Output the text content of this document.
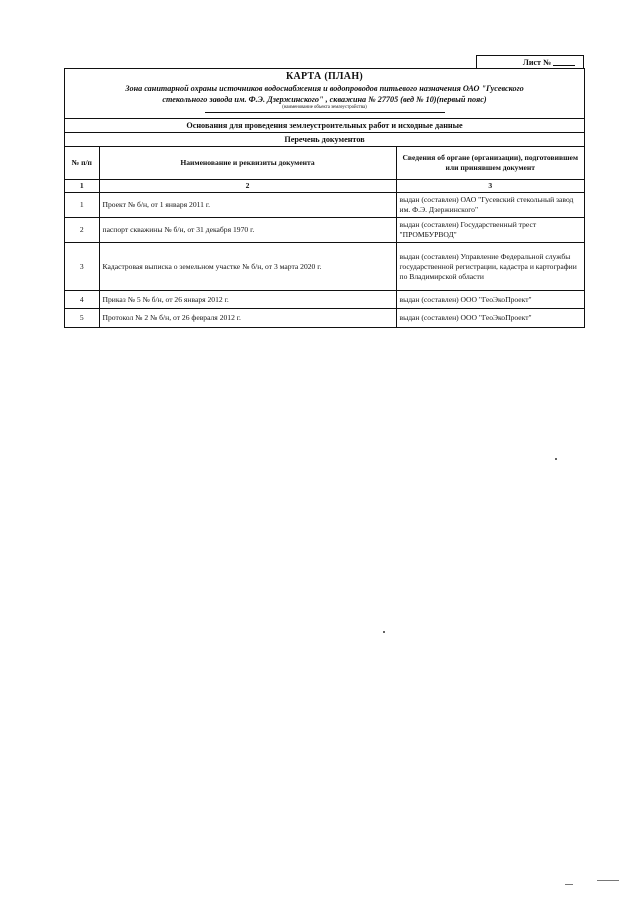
Лист №
КАРТА (ПЛАН)
Зона санитарной охраны источников водоснабжения и водопроводов питьевого назначения ОАО "Гусевского
стекольного завода им. Ф.Э. Дзержинского" , скважина № 27705 (вед № 10)(первый пояс)
(наименование объекта землеустройства)
Основания для проведения землеустроительных работ и исходные данные
Перечень документов
№ п/п	Наименование и реквизиты документа	Сведения об органе (организации), подготовившем или принявшем документ
1	2	3
1	Проект № б/н, от 1 января 2011 г.	выдан (составлен) ОАО "Гусевский стекольный завод им. Ф.Э. Дзержинского"
2	паспорт скважины № б/н, от 31 декабря 1970 г.	выдан (составлен) Государственный трест "ПРОМБУРВОД"
3	Кадастровая выписка о земельном участке № б/н, от 3 марта 2020 г.	выдан (составлен) Управление Федеральной службы государственной регистрации, кадастра и картографии по Владимирской области
4	Приказ № 5 № б/н, от 26 января 2012 г.	выдан (составлен) ООО "ГеоЭкоПроект"
5	Протокол № 2 № б/н, от 26 февраля 2012 г.	выдан (составлен) ООО "ГеоЭкоПроект"
